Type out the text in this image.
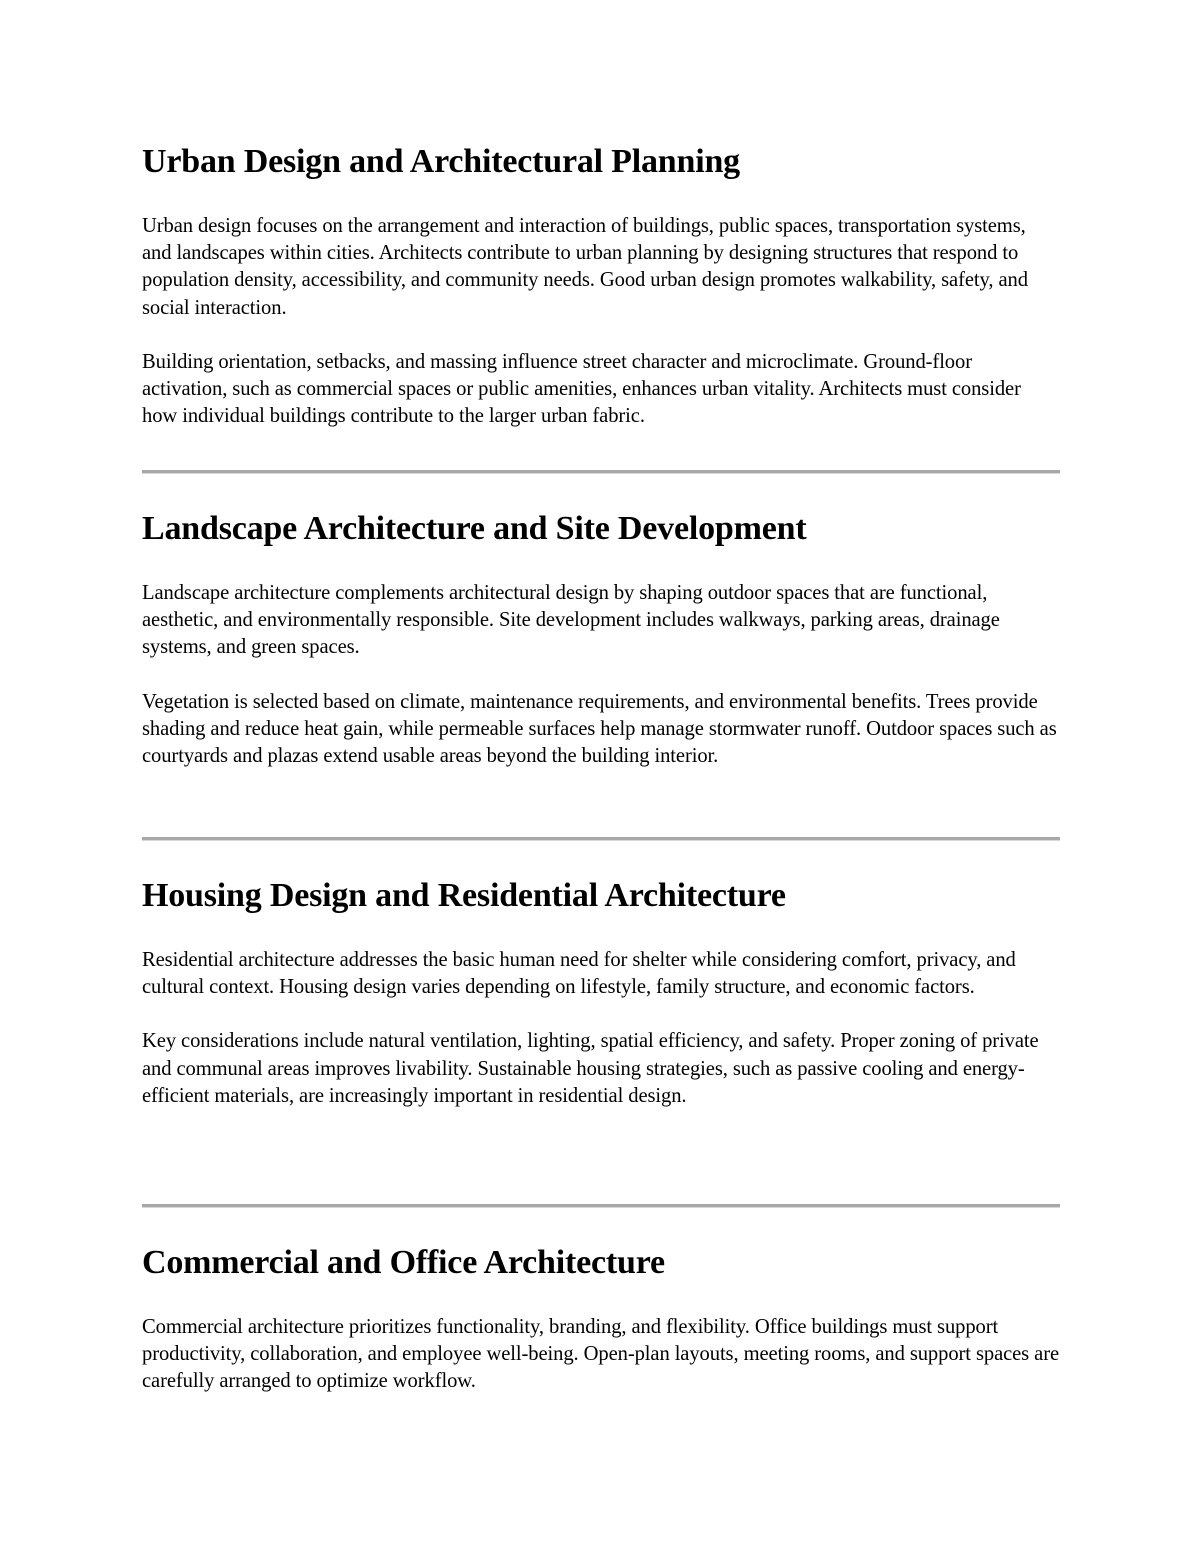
Urban Design and Architectural Planning

Urban design focuses on the arrangement and interaction of buildings, public spaces, transportation systems, and landscapes within cities. Architects contribute to urban planning by designing structures that respond to population density, accessibility, and community needs. Good urban design promotes walkability, safety, and social interaction.

Building orientation, setbacks, and massing influence street character and microclimate. Ground-floor activation, such as commercial spaces or public amenities, enhances urban vitality. Architects must consider how individual buildings contribute to the larger urban fabric.

Landscape Architecture and Site Development

Landscape architecture complements architectural design by shaping outdoor spaces that are functional, aesthetic, and environmentally responsible. Site development includes walkways, parking areas, drainage systems, and green spaces.

Vegetation is selected based on climate, maintenance requirements, and environmental benefits. Trees provide shading and reduce heat gain, while permeable surfaces help manage stormwater runoff. Outdoor spaces such as courtyards and plazas extend usable areas beyond the building interior.

Housing Design and Residential Architecture

Residential architecture addresses the basic human need for shelter while considering comfort, privacy, and cultural context. Housing design varies depending on lifestyle, family structure, and economic factors.

Key considerations include natural ventilation, lighting, spatial efficiency, and safety. Proper zoning of private and communal areas improves livability. Sustainable housing strategies, such as passive cooling and energy-efficient materials, are increasingly important in residential design.

Commercial and Office Architecture

Commercial architecture prioritizes functionality, branding, and flexibility. Office buildings must support productivity, collaboration, and employee well-being. Open-plan layouts, meeting rooms, and support spaces are carefully arranged to optimize workflow.
